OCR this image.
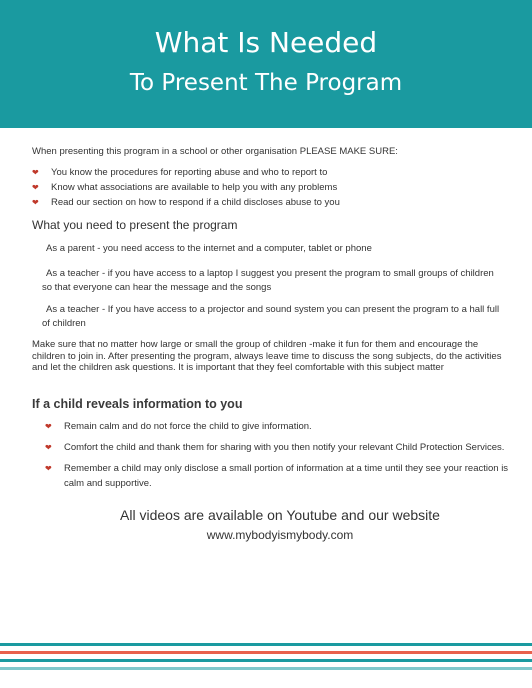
What Is Needed
To Present The Program
When presenting this program in a school or other organisation PLEASE MAKE SURE:
❤ You know the procedures for reporting abuse and who to report to
❤ Know what associations are available to help you with any problems
❤ Read our section on how to respond if a child discloses abuse to you
What you need to present the program
As a parent - you need access to the internet and a computer, tablet or phone
As a teacher - if you have access to a laptop I suggest you present the program to small groups of children so that everyone can hear the message and the songs
As a teacher - If you have access to a projector and sound system you can present the program to a hall full of children
Make sure that no matter how large or small the group of children -make it fun for them and encourage the children to join in. After presenting the program, always leave time to discuss the song subjects, do the activities and let the children ask questions. It is important that they feel comfortable with this subject matter
If a child reveals information to you
❤ Remain calm and do not force the child to give information.
❤ Comfort the child and thank them for sharing with you then notify your relevant Child Protection Services.
❤ Remember a child may only disclose a small portion of information at a time until they see your reaction is calm and supportive.
All videos are available on Youtube and our website
www.mybodyismybody.com
